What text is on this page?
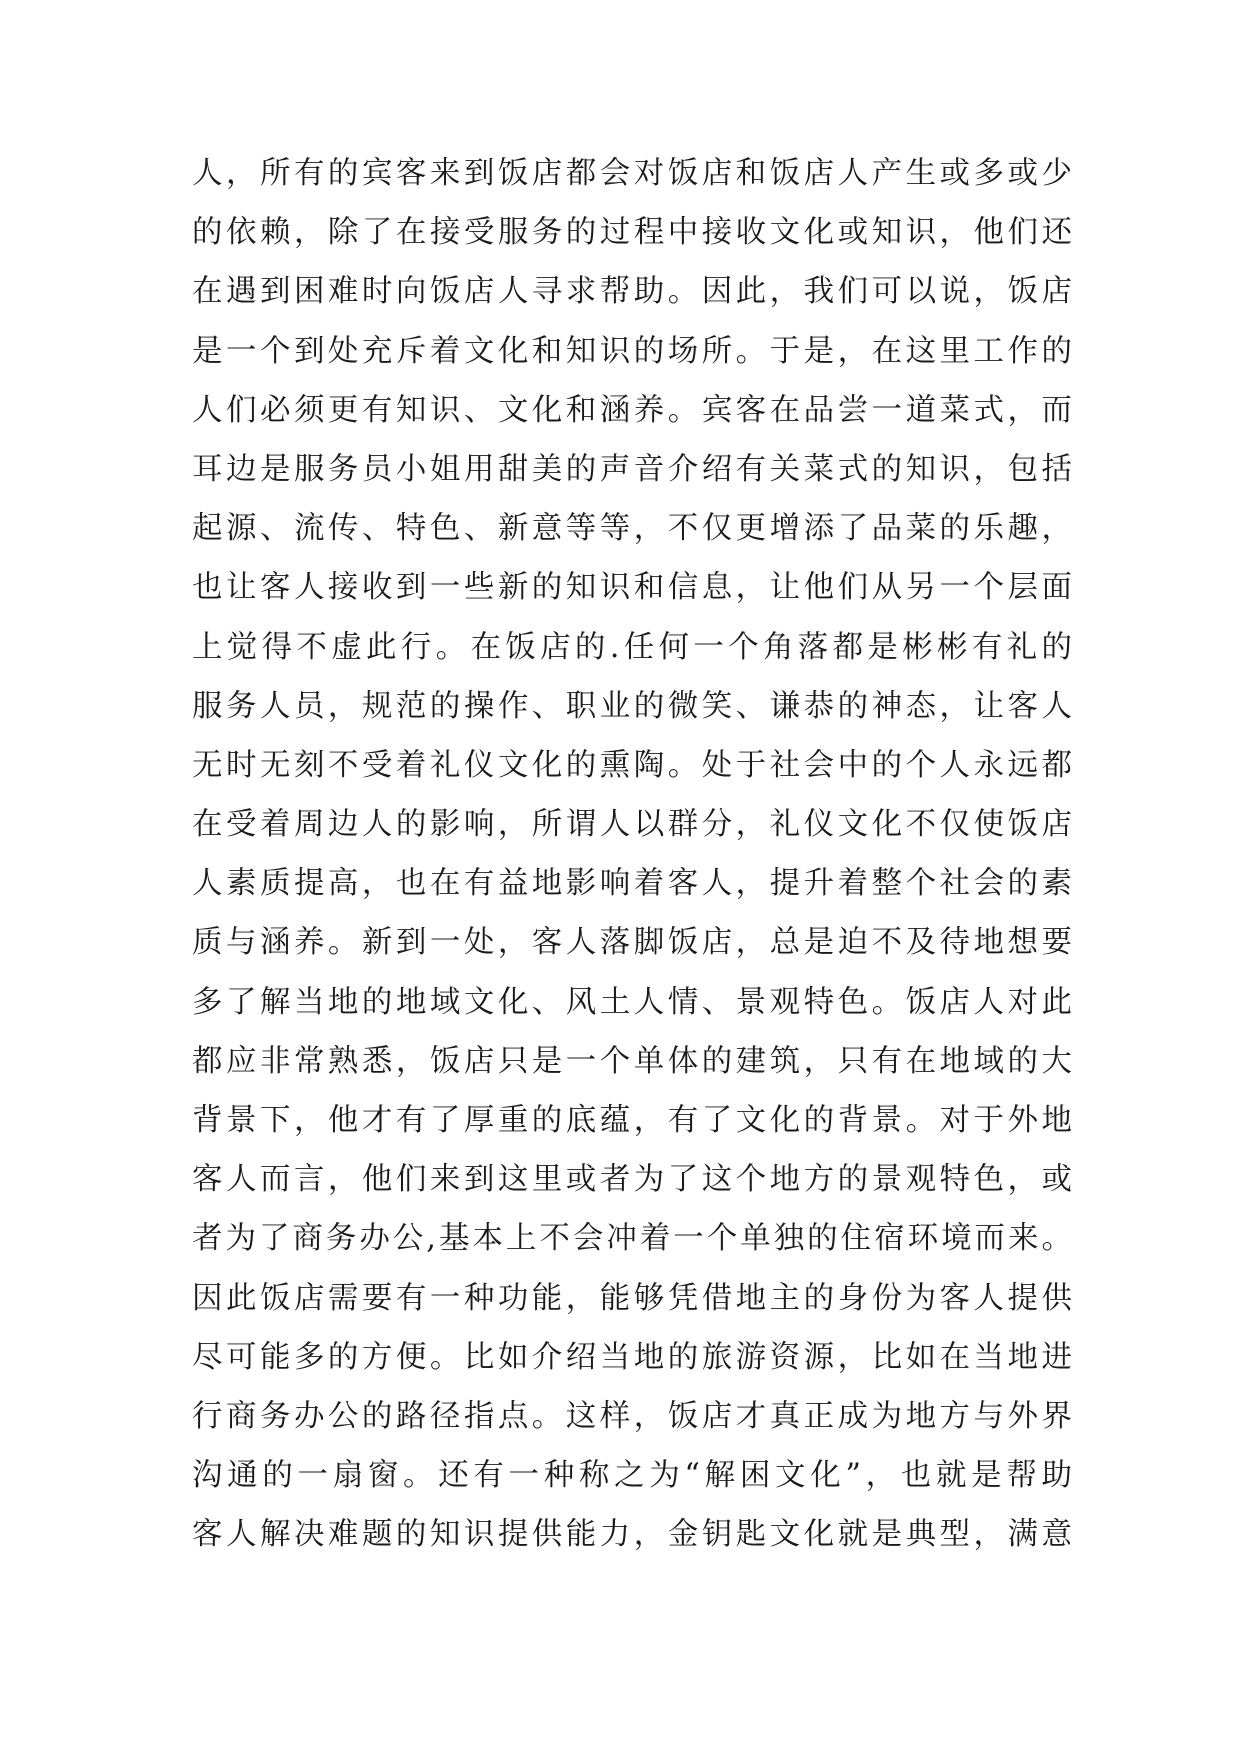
人，所有的宾客来到饭店都会对饭店和饭店人产生或多或少
的依赖，除了在接受服务的过程中接收文化或知识，他们还
在遇到困难时向饭店人寻求帮助。因此，我们可以说，饭店
是一个到处充斥着文化和知识的场所。于是，在这里工作的
人们必须更有知识、文化和涵养。宾客在品尝一道菜式，而
耳边是服务员小姐用甜美的声音介绍有关菜式的知识，包括
起源、流传、特色、新意等等，不仅更增添了品菜的乐趣，
也让客人接收到一些新的知识和信息，让他们从另一个层面
上觉得不虚此行。在饭店的.任何一个角落都是彬彬有礼的
服务人员，规范的操作、职业的微笑、谦恭的神态，让客人
无时无刻不受着礼仪文化的熏陶。处于社会中的个人永远都
在受着周边人的影响，所谓人以群分，礼仪文化不仅使饭店
人素质提高，也在有益地影响着客人，提升着整个社会的素
质与涵养。新到一处，客人落脚饭店，总是迫不及待地想要
多了解当地的地域文化、风土人情、景观特色。饭店人对此
都应非常熟悉，饭店只是一个单体的建筑，只有在地域的大
背景下，他才有了厚重的底蕴，有了文化的背景。对于外地
客人而言，他们来到这里或者为了这个地方的景观特色，或
者为了商务办公,基本上不会冲着一个单独的住宿环境而来。
因此饭店需要有一种功能，能够凭借地主的身份为客人提供
尽可能多的方便。比如介绍当地的旅游资源，比如在当地进
行商务办公的路径指点。这样，饭店才真正成为地方与外界
沟通的一扇窗。还有一种称之为“解困文化”，也就是帮助
客人解决难题的知识提供能力，金钥匙文化就是典型，满意
